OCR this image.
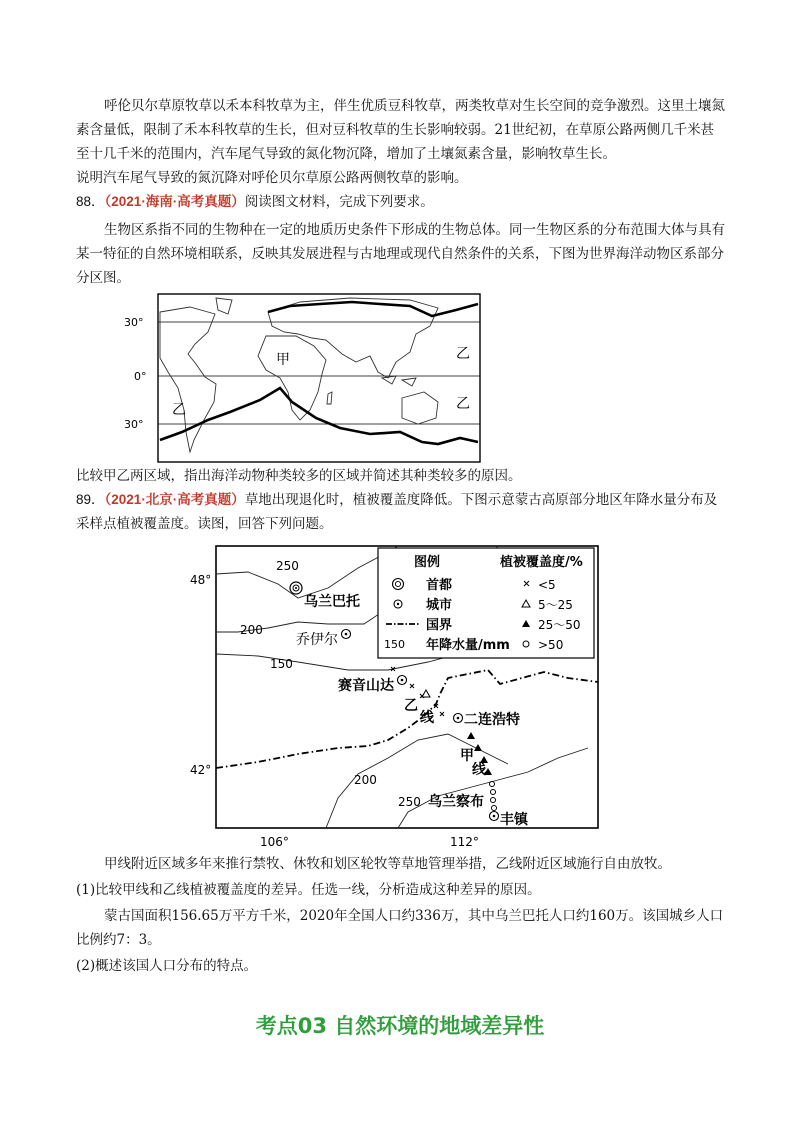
呼伦贝尔草原牧草以禾本科牧草为主，伴生优质豆科牧草，两类牧草对生长空间的竞争激烈。这里土壤氮素含量低，限制了禾本科牧草的生长，但对豆科牧草的生长影响较弱。21世纪初，在草原公路两侧几千米甚至十几千米的范围内，汽车尾气导致的氮化物沉降，增加了土壤氮素含量，影响牧草生长。

说明汽车尾气导致的氮沉降对呼伦贝尔草原公路两侧牧草的影响。

88．（2021·海南·高考真题）阅读图文材料，完成下列要求。

生物区系指不同的生物种在一定的地质历史条件下形成的生物总体。同一生物区系的分布范围大体与具有某一特征的自然环境相联系，反映其发展进程与古地理或现代自然条件的关系，下图为世界海洋动物区系部分分区图。

30°
0°
30°
甲
乙
乙
乙

比较甲乙两区域，指出海洋动物种类较多的区域并简述其种类较多的原因。

89．（2021·北京·高考真题）草地出现退化时，植被覆盖度降低。下图示意蒙古高原部分地区年降水量分布及采样点植被覆盖度。读图，回答下列问题。

48°
42°
106°	112°
250
200
150
200
250
乌兰巴托
乔伊尔
赛音山达
二连浩特
乌兰察布
丰镇
乙
线
甲
线
图例	植被覆盖度/%
首都
城市
国界
150 年降水量/mm
<5
5～25
25～50
>50

甲线附近区域多年来推行禁牧、休牧和划区轮牧等草地管理举措，乙线附近区域施行自由放牧。

(1)比较甲线和乙线植被覆盖度的差异。任选一线，分析造成这种差异的原因。

蒙古国面积156.65万平方千米，2020年全国人口约336万，其中乌兰巴托人口约160万。该国城乡人口比例约7：3。

(2)概述该国人口分布的特点。

考点03 自然环境的地域差异性
